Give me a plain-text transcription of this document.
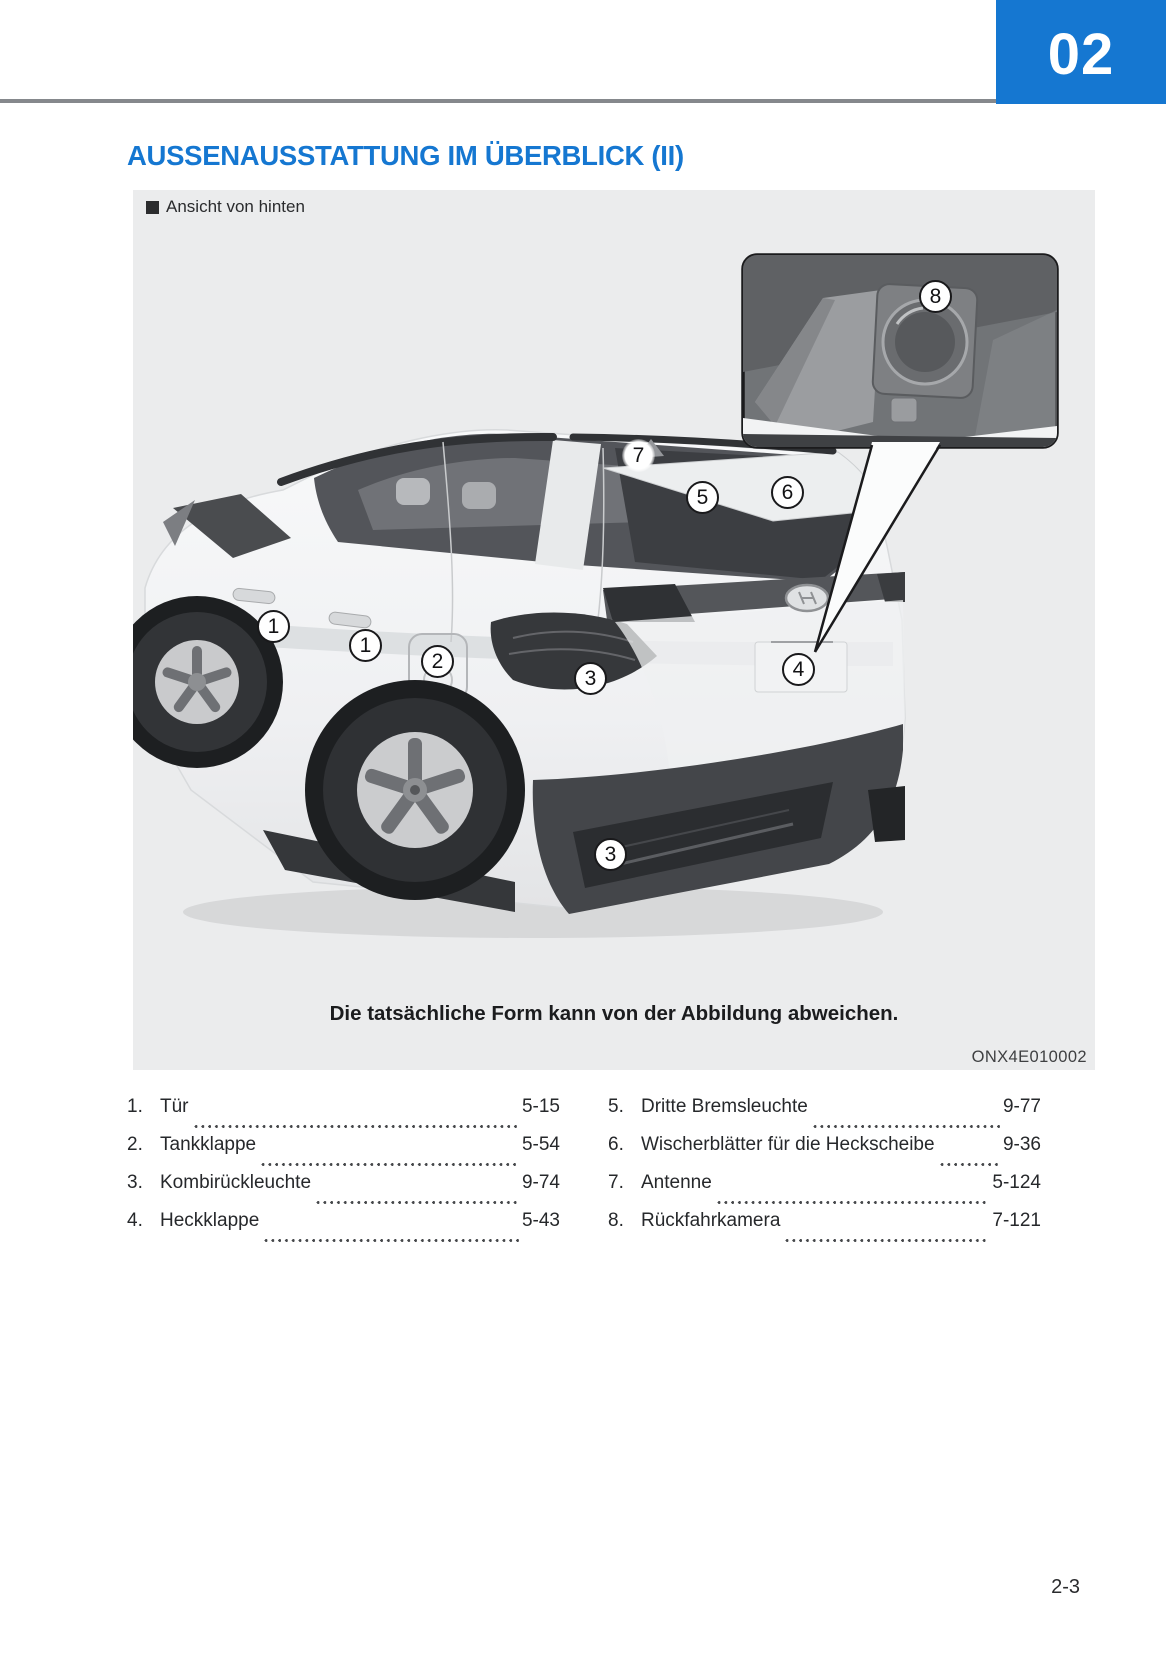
02
AUSSENAUSSTATTUNG IM ÜBERBLICK (II)
Ansicht von hinten
1
1
2
3	4
3
5	6
7
8
Die tatsächliche Form kann von der Abbildung abweichen.
ONX4E010002
1. Tür	5-15
2. Tankklappe	5-54
3. Kombirückleuchte	9-74
4. Heckklappe	5-43
5. Dritte Bremsleuchte	9-77
6. Wischerblätter für die Heckscheibe	9-36
7. Antenne	5-124
8. Rückfahrkamera	7-121
2-3
